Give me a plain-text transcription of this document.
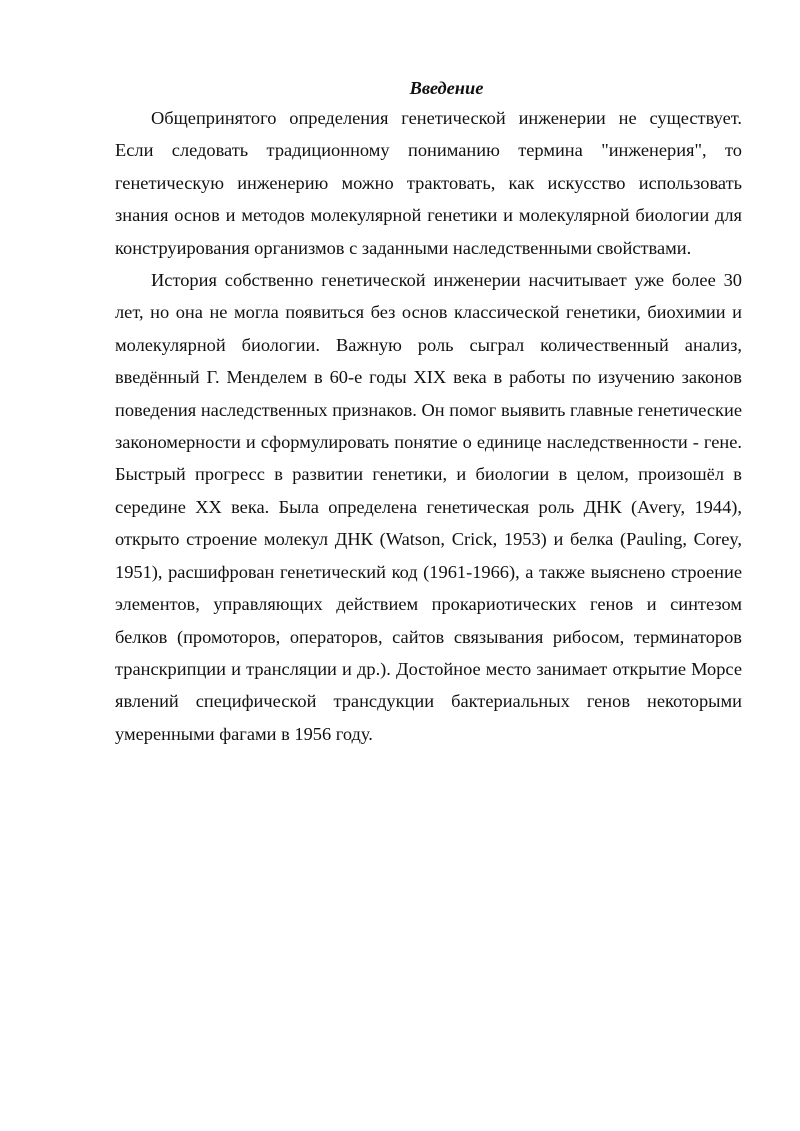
Введение

Общепринятого определения генетической инженерии не существует. Если следовать традиционному пониманию термина "инженерия", то генетическую инженерию можно трактовать, как искусство использовать знания основ и методов молекулярной генетики и молекулярной биологии для конструирования организмов с заданными наследственными свойствами.

История собственно генетической инженерии насчитывает уже более 30 лет, но она не могла появиться без основ классической генетики, биохимии и молекулярной биологии. Важную роль сыграл количественный анализ, введённый Г. Менделем в 60-е годы XIX века в работы по изучению законов поведения наследственных признаков. Он помог выявить главные генетические закономерности и сформулировать понятие о единице наследственности - гене. Быстрый прогресс в развитии генетики, и биологии в целом, произошёл в середине XX века. Была определена генетическая роль ДНК (Avery, 1944), открыто строение молекул ДНК (Watson, Crick, 1953) и белка (Pauling, Corey, 1951), расшифрован генетический код (1961-1966), а также выяснено строение элементов, управляющих действием прокариотических генов и синтезом белков (промоторов, операторов, сайтов связывания рибосом, терминаторов транскрипции и трансляции и др.). Достойное место занимает открытие Морсе явлений специфической трансдукции бактериальных генов некоторыми умеренными фагами в 1956 году.
